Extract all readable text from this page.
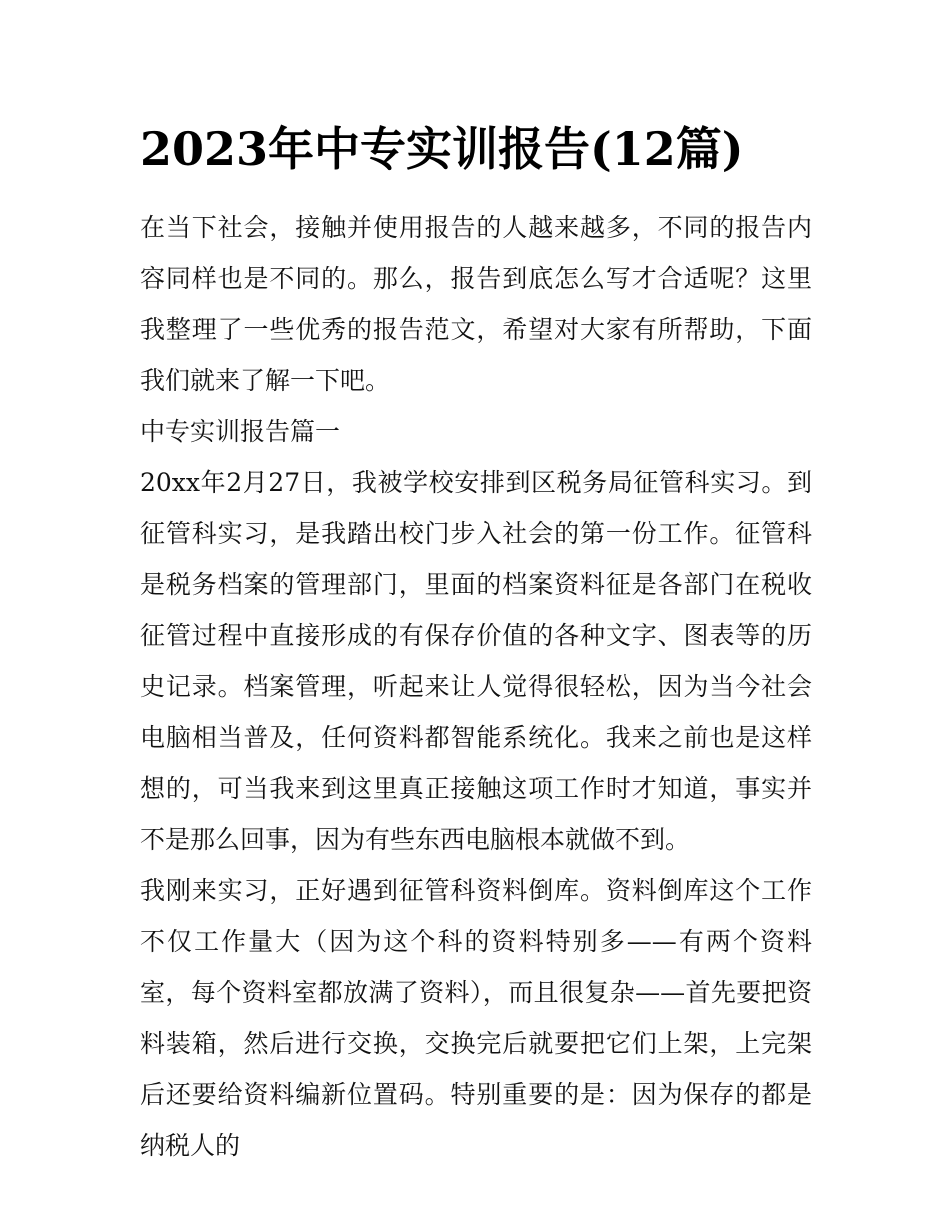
2023年中专实训报告(12篇)

在当下社会，接触并使用报告的人越来越多，不同的报告内容同样也是不同的。那么，报告到底怎么写才合适呢？这里我整理了一些优秀的报告范文，希望对大家有所帮助，下面我们就来了解一下吧。

中专实训报告篇一

20xx年2月27日，我被学校安排到区税务局征管科实习。到征管科实习，是我踏出校门步入社会的第一份工作。征管科是税务档案的管理部门，里面的档案资料征是各部门在税收征管过程中直接形成的有保存价值的各种文字、图表等的历史记录。档案管理，听起来让人觉得很轻松，因为当今社会电脑相当普及，任何资料都智能系统化。我来之前也是这样想的，可当我来到这里真正接触这项工作时才知道，事实并不是那么回事，因为有些东西电脑根本就做不到。

我刚来实习，正好遇到征管科资料倒库。资料倒库这个工作不仅工作量大（因为这个科的资料特别多——有两个资料室，每个资料室都放满了资料），而且很复杂——首先要把资料装箱，然后进行交换，交换完后就要把它们上架，上完架后还要给资料编新位置码。特别重要的是：因为保存的都是纳税人的
